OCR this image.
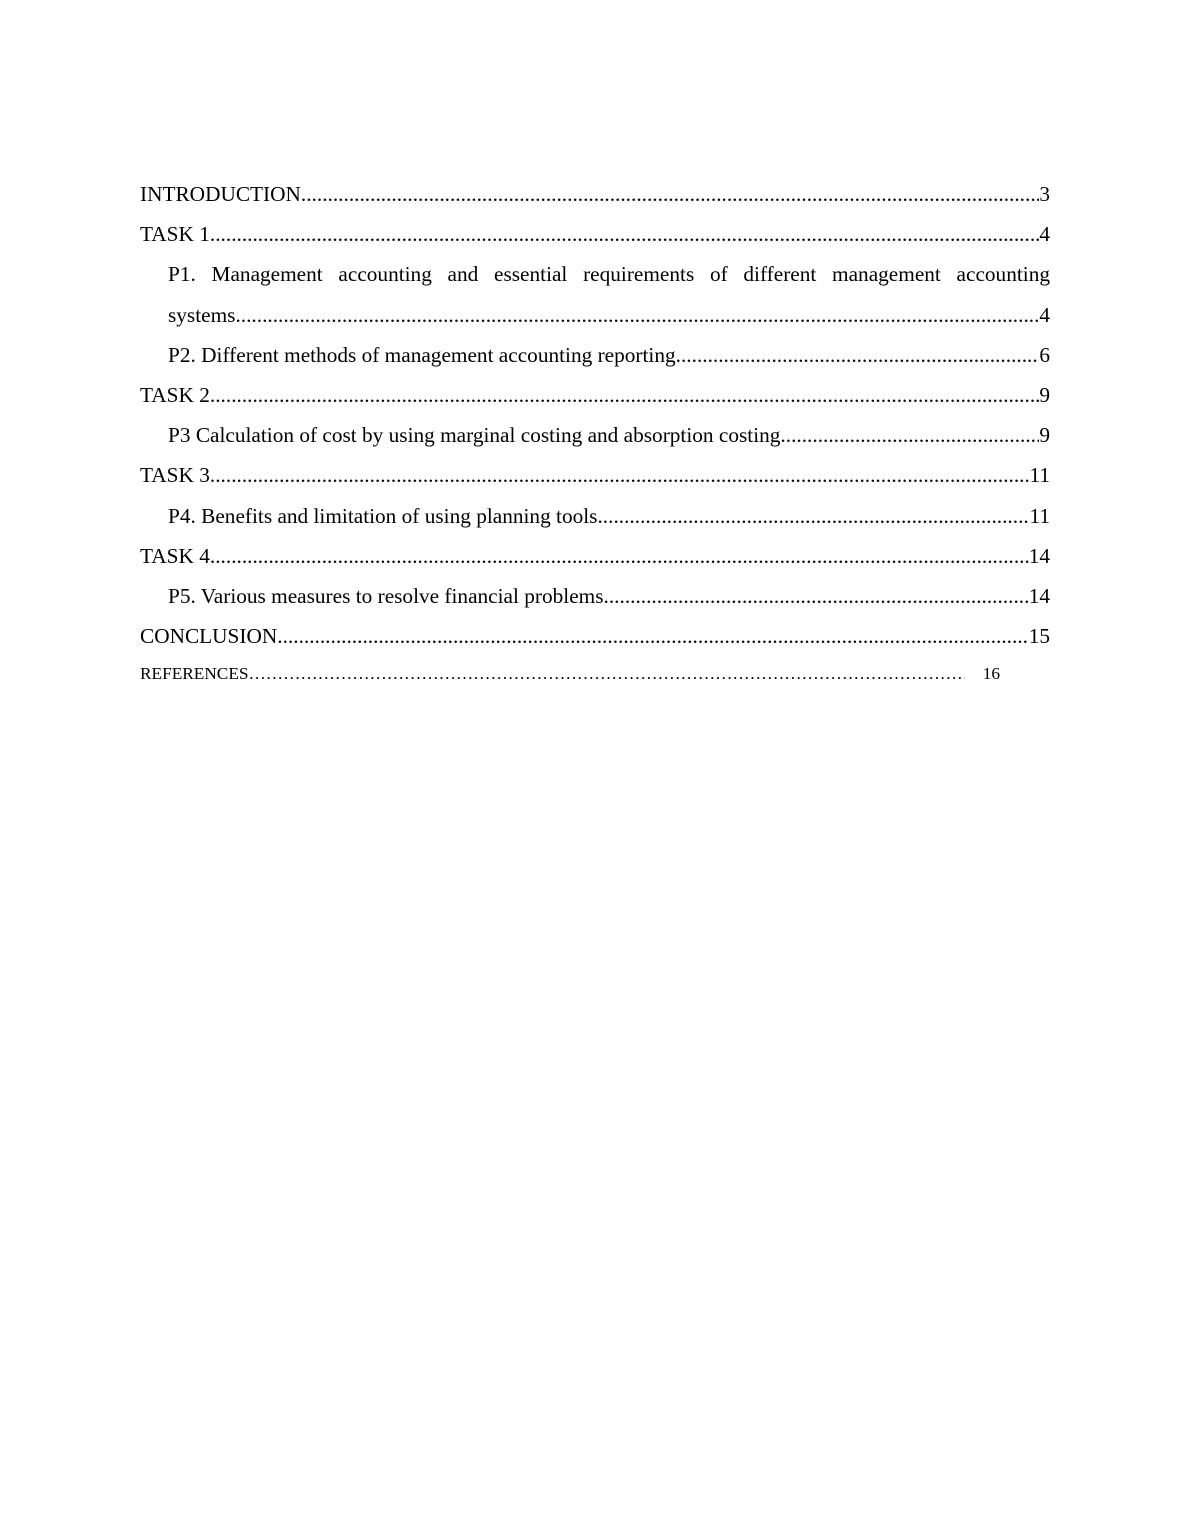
INTRODUCTION .....	3
TASK 1 .....	4
P1. Management accounting and essential requirements of different management accounting
systems .....	4
P2. Different methods of management accounting reporting .....	6
TASK 2 .....	9
P3 Calculation of cost by using marginal costing and absorption costing .....	9
TASK 3 .....	11
P4. Benefits and limitation of using planning tools .....	11
TASK 4 .....	14
P5. Various measures to resolve financial problems .....	14
CONCLUSION .....	15
REFERENCES ……………………………………………………………………………………………………………………………………………………………………………	16
